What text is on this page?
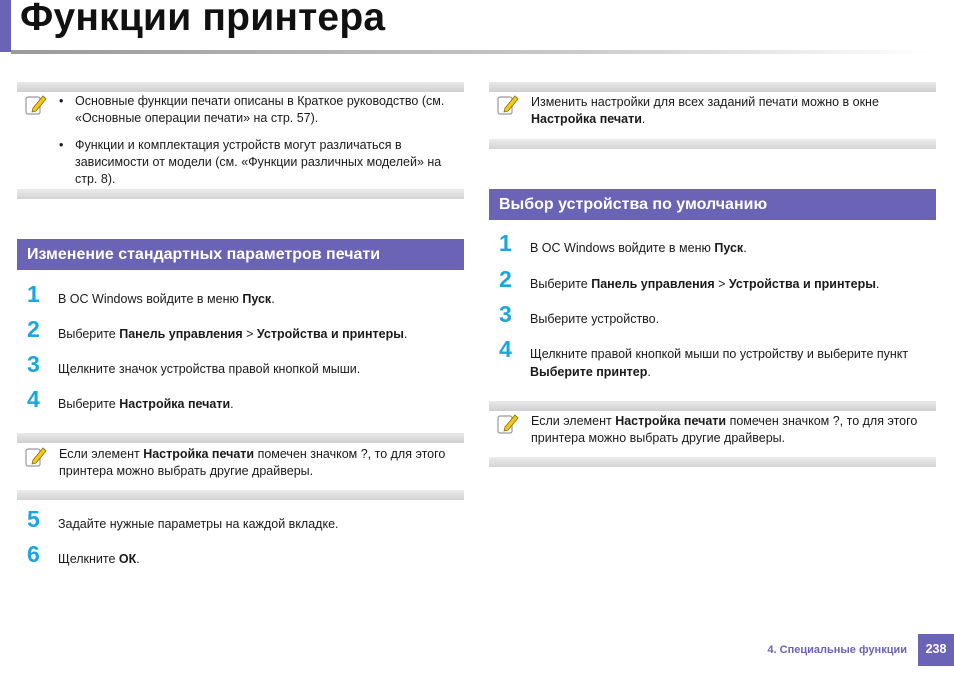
Функции принтера
• Основные функции печати описаны в Краткое руководство (см. «Основные операции печати» на стр. 57).
• Функции и комплектация устройств могут различаться в зависимости от модели (см. «Функции различных моделей» на стр. 8).
Изменить настройки для всех заданий печати можно в окне Настройка печати.
Изменение стандартных параметров печати
1	В ОС Windows войдите в меню Пуск.
2	Выберите Панель управления > Устройства и принтеры.
3	Щелкните значок устройства правой кнопкой мыши.
4	Выберите Настройка печати.
Если элемент Настройка печати помечен значком ?, то для этого принтера можно выбрать другие драйверы.
5	Задайте нужные параметры на каждой вкладке.
6	Щелкните ОК.
Выбор устройства по умолчанию
1	В ОС Windows войдите в меню Пуск.
2	Выберите Панель управления > Устройства и принтеры.
3	Выберите устройство.
4	Щелкните правой кнопкой мыши по устройству и выберите пункт Выберите принтер.
Если элемент Настройка печати помечен значком ?, то для этого принтера можно выбрать другие драйверы.
4. Специальные функции	238
